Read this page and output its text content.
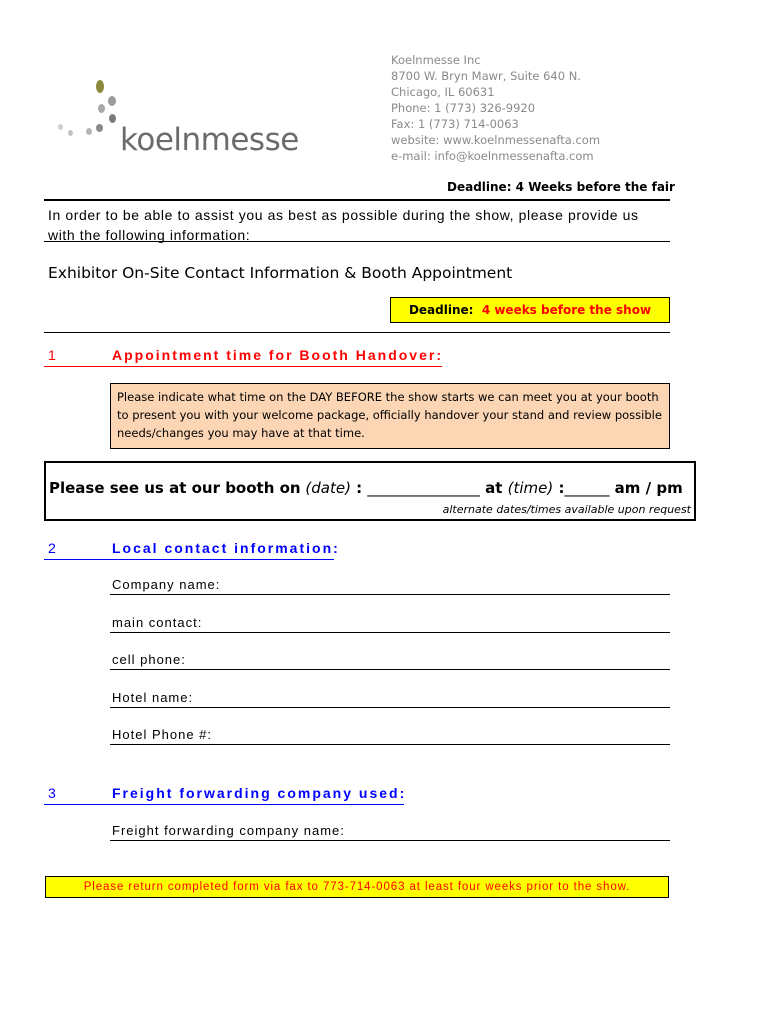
koelnmesse
Koelnmesse Inc
8700 W. Bryn Mawr, Suite 640 N.
Chicago, IL 60631
Phone: 1 (773) 326-9920
Fax: 1 (773) 714-0063
website: www.koelnmessenafta.com
e-mail: info@koelnmessenafta.com
Deadline: 4 Weeks before the fair
In order to be able to assist you as best as possible during the show, please provide us with the following information:
Exhibitor On-Site Contact Information & Booth Appointment
Deadline:
4 weeks before the show
1	Appointment time for Booth Handover:
Please indicate what time on the DAY BEFORE the show starts we can meet you at your booth to present you with your welcome package, officially handover your stand and review possible needs/changes you may have at that time.
Please see us at our booth on (date) : _______________ at (time) :______ am / pm
alternate dates/times available upon request
2	Local contact information:
Company name:
main contact:
cell phone:
Hotel name:
Hotel Phone #:
3	Freight forwarding company used:
Freight forwarding company name:
Please return completed form via fax to 773-714-0063 at least four weeks prior to the show.
